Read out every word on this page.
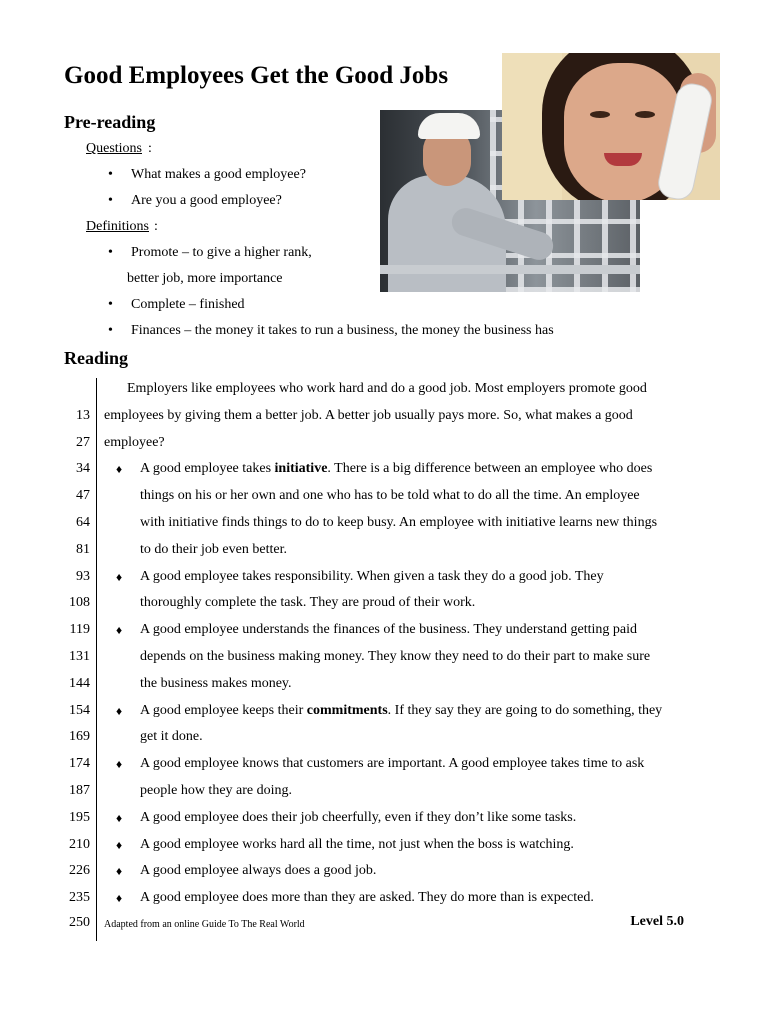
Good Employees Get the Good Jobs
Pre-reading
Questions :
• What makes a good employee?
• Are you a good employee?
Definitions :
• Promote – to give a higher rank,
better job, more importance
• Complete – finished
• Finances – the money it takes to run a business, the money the business has
Reading
Employers like employees who work hard and do a good job. Most employers promote good
13 employees by giving them a better job. A better job usually pays more. So, what makes a good
27 employee?
34 ♦ A good employee takes initiative. There is a big difference between an employee who does
47	things on his or her own and one who has to be told what to do all the time. An employee
64	with initiative finds things to do to keep busy. An employee with initiative learns new things
81	to do their job even better.
93 ♦ A good employee takes responsibility. When given a task they do a good job. They
108	thoroughly complete the task. They are proud of their work.
119 ♦ A good employee understands the finances of the business. They understand getting paid
131	depends on the business making money. They know they need to do their part to make sure
144	the business makes money.
154 ♦ A good employee keeps their commitments. If they say they are going to do something, they
169	get it done.
174 ♦ A good employee knows that customers are important. A good employee takes time to ask
187	people how they are doing.
195 ♦ A good employee does their job cheerfully, even if they don’t like some tasks.
210 ♦ A good employee works hard all the time, not just when the boss is watching.
226 ♦ A good employee always does a good job.
235 ♦ A good employee does more than they are asked. They do more than is expected.
250 Adapted from an online Guide To The Real World	Level 5.0
